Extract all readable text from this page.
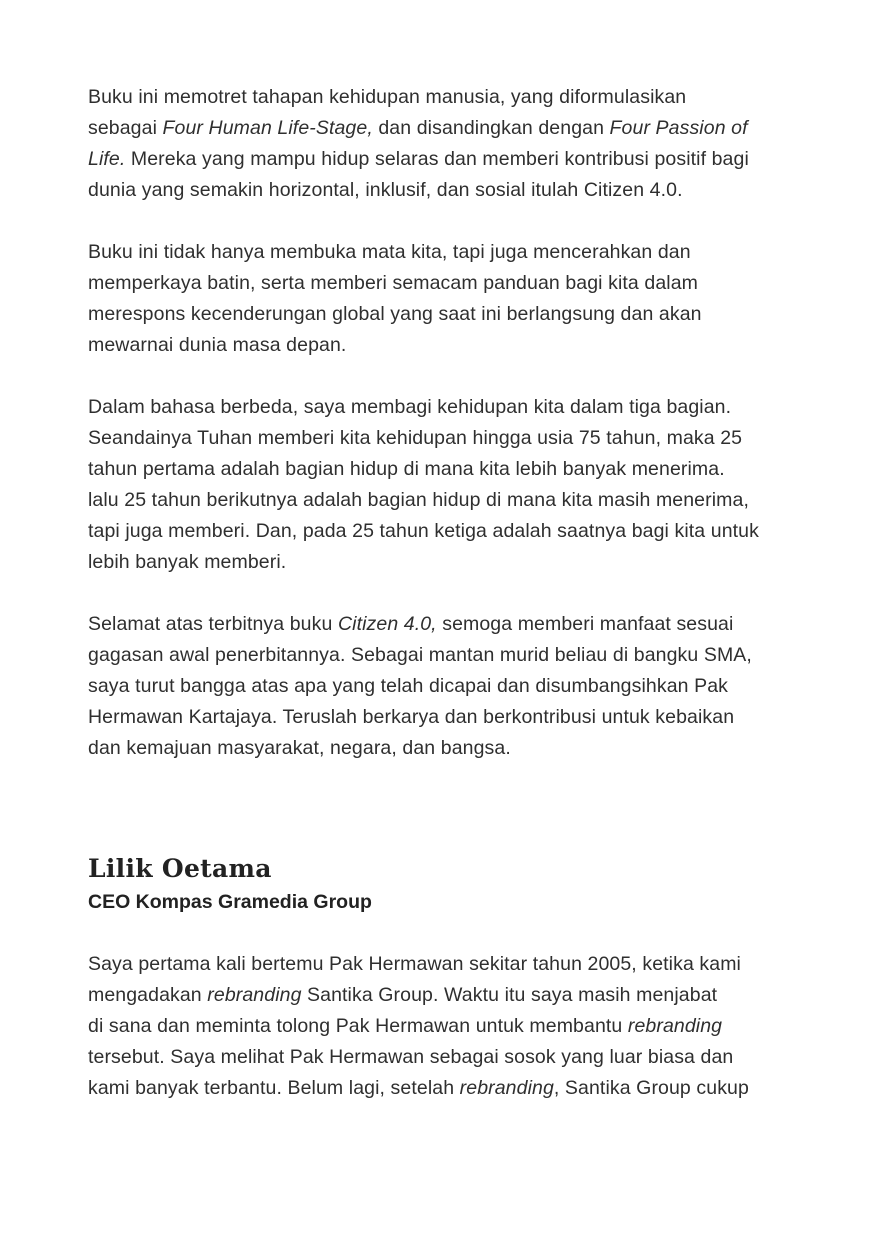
Buku ini memotret tahapan kehidupan manusia, yang diformulasikan
sebagai Four Human Life-Stage, dan disandingkan dengan Four Passion of
Life. Mereka yang mampu hidup selaras dan memberi kontribusi positif bagi
dunia yang semakin horizontal, inklusif, dan sosial itulah Citizen 4.0.
Buku ini tidak hanya membuka mata kita, tapi juga mencerahkan dan
memperkaya batin, serta memberi semacam panduan bagi kita dalam
merespons kecenderungan global yang saat ini berlangsung dan akan
mewarnai dunia masa depan.
Dalam bahasa berbeda, saya membagi kehidupan kita dalam tiga bagian.
Seandainya Tuhan memberi kita kehidupan hingga usia 75 tahun, maka 25
tahun pertama adalah bagian hidup di mana kita lebih banyak menerima.
lalu 25 tahun berikutnya adalah bagian hidup di mana kita masih menerima,
tapi juga memberi. Dan, pada 25 tahun ketiga adalah saatnya bagi kita untuk
lebih banyak memberi.
Selamat atas terbitnya buku Citizen 4.0, semoga memberi manfaat sesuai
gagasan awal penerbitannya. Sebagai mantan murid beliau di bangku SMA,
saya turut bangga atas apa yang telah dicapai dan disumbangsihkan Pak
Hermawan Kartajaya. Teruslah berkarya dan berkontribusi untuk kebaikan
dan kemajuan masyarakat, negara, dan bangsa.
Lilik Oetama
CEO Kompas Gramedia Group
Saya pertama kali bertemu Pak Hermawan sekitar tahun 2005, ketika kami
mengadakan rebranding Santika Group. Waktu itu saya masih menjabat
di sana dan meminta tolong Pak Hermawan untuk membantu rebranding
tersebut. Saya melihat Pak Hermawan sebagai sosok yang luar biasa dan
kami banyak terbantu. Belum lagi, setelah rebranding, Santika Group cukup
